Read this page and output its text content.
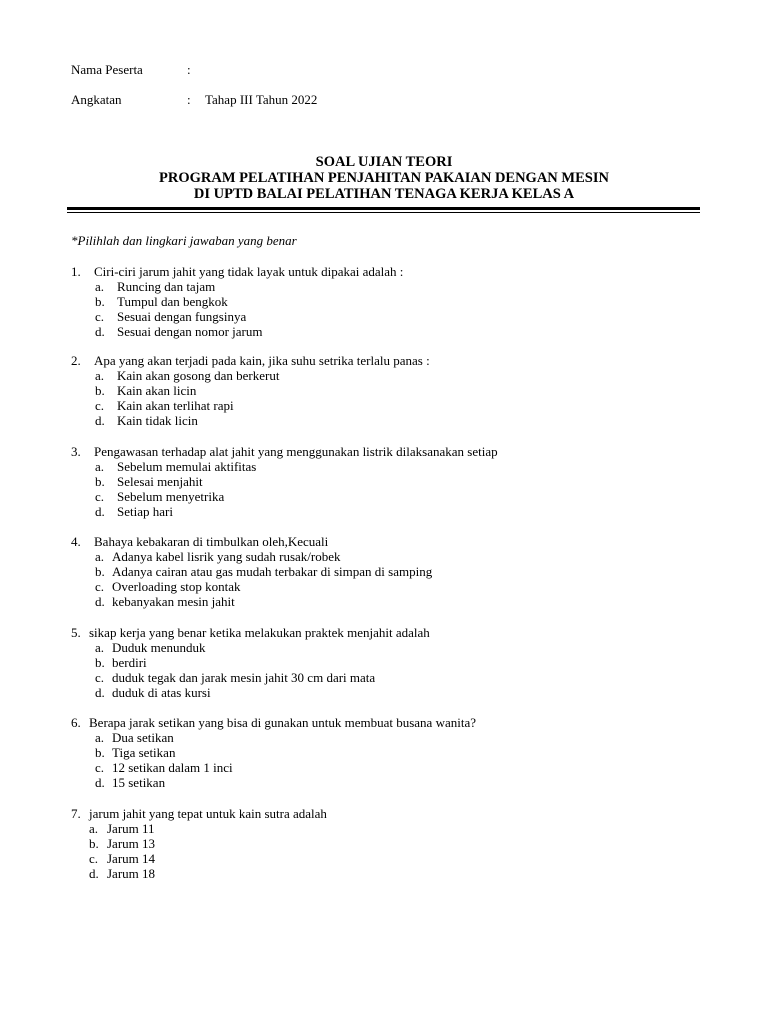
Nama Peserta	:
Angkatan	: Tahap III Tahun 2022
SOAL UJIAN TEORI
PROGRAM PELATIHAN PENJAHITAN PAKAIAN DENGAN MESIN
DI UPTD BALAI PELATIHAN TENAGA KERJA KELAS A
*Pilihlah dan lingkari jawaban yang benar
1. Ciri-ciri jarum jahit yang tidak layak untuk dipakai adalah :
a. Runcing dan tajam
b. Tumpul dan bengkok
c. Sesuai dengan fungsinya
d. Sesuai dengan nomor jarum
2. Apa yang akan terjadi pada kain, jika suhu setrika terlalu panas :
a. Kain akan gosong dan berkerut
b. Kain akan licin
c. Kain akan terlihat rapi
d. Kain tidak licin
3. Pengawasan terhadap alat jahit yang menggunakan listrik dilaksanakan setiap
a. Sebelum memulai aktifitas
b. Selesai menjahit
c. Sebelum menyetrika
d. Setiap hari
4. Bahaya kebakaran di timbulkan oleh,Kecuali
a. Adanya kabel lisrik yang sudah rusak/robek
b. Adanya cairan atau gas mudah terbakar di simpan di samping
c. Overloading stop kontak
d. kebanyakan mesin jahit
5. sikap kerja yang benar ketika melakukan praktek menjahit adalah
a. Duduk menunduk
b. berdiri
c. duduk tegak dan jarak mesin jahit 30 cm dari mata
d. duduk di atas kursi
6. Berapa jarak setikan yang bisa di gunakan untuk membuat busana wanita?
a. Dua setikan
b. Tiga setikan
c. 12 setikan dalam 1 inci
d. 15 setikan
7. jarum jahit yang tepat untuk kain sutra adalah
a. Jarum 11
b. Jarum 13
c. Jarum 14
d. Jarum 18
